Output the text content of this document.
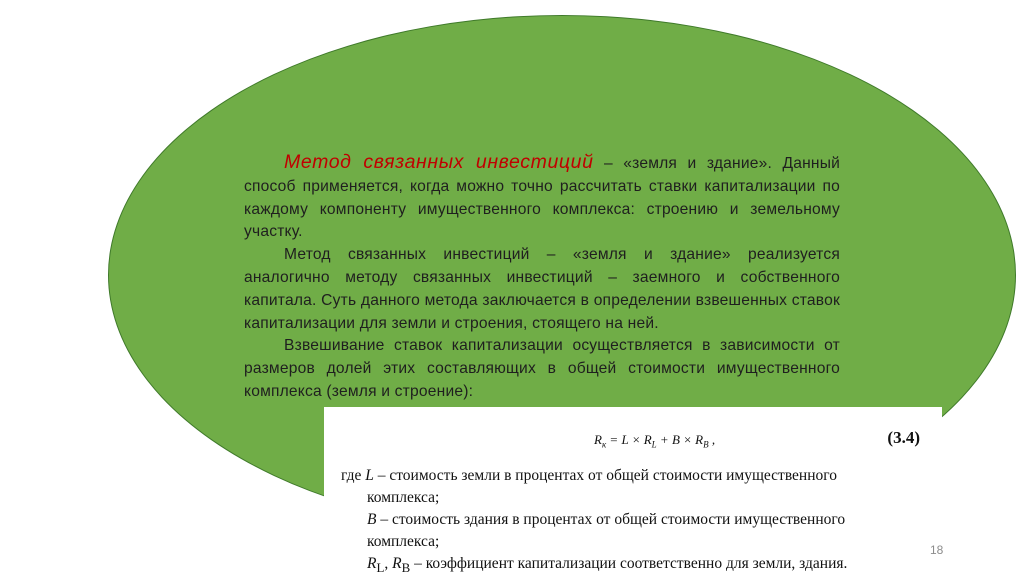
Метод связанных инвестиций – «земля и здание». Данный способ применяется, когда можно точно рассчитать ставки капитализации по каждому компоненту имущественного комплекса: строению и земельному участку.

Метод связанных инвестиций – «земля и здание» реализуется аналогично методу связанных инвестиций – заемного и собственного капитала. Суть данного метода заключается в определении взвешенных ставок капитализации для земли и строения, стоящего на ней.

Взвешивание ставок капитализации осуществляется в зависимости от размеров долей этих составляющих в общей стоимости имущественного комплекса (земля и строение):

$R_к = L \times R_L + B \times R_B$ ,	(3.4)
где L – стоимость земли в процентах от общей стоимости имущественного
комплекса;
B – стоимость здания в процентах от общей стоимости имущественного
комплекса;
$R_L$, $R_B$ – коэффициент капитализации соответственно для земли, здания.
18
